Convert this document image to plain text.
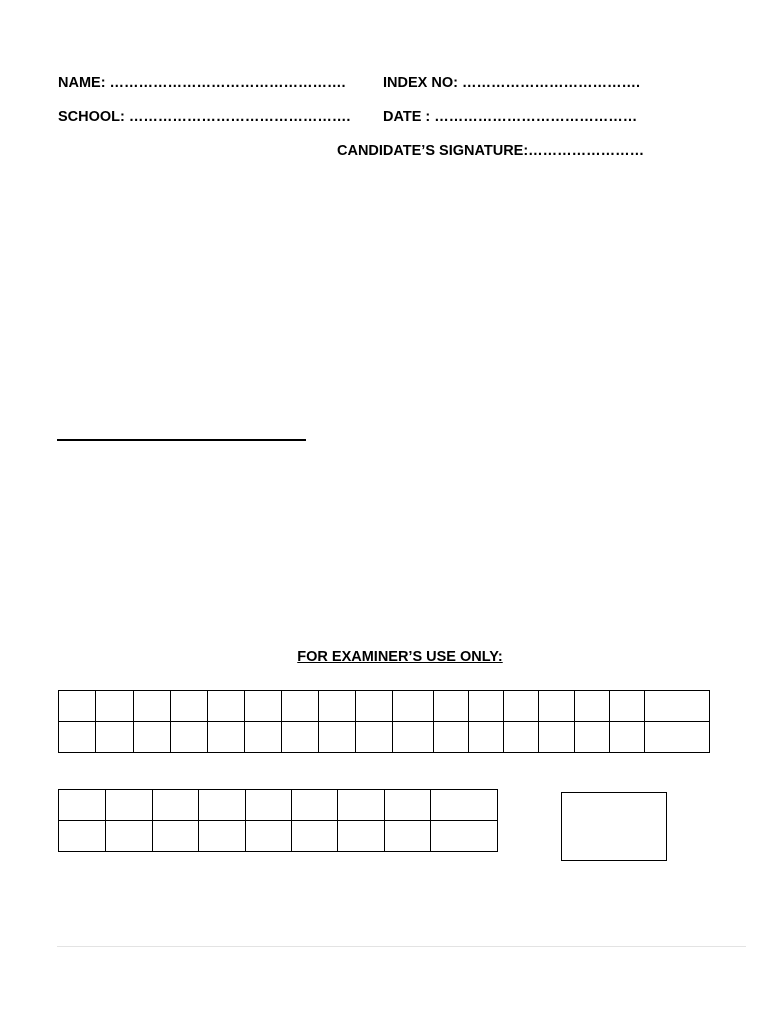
NAME: ………………………………………….	INDEX NO: ……………………………….
SCHOOL: ………………………………………. DATE : ……………………………………
CANDIDATE’S SIGNATURE:……………………
FOR EXAMINER’S USE ONLY:
